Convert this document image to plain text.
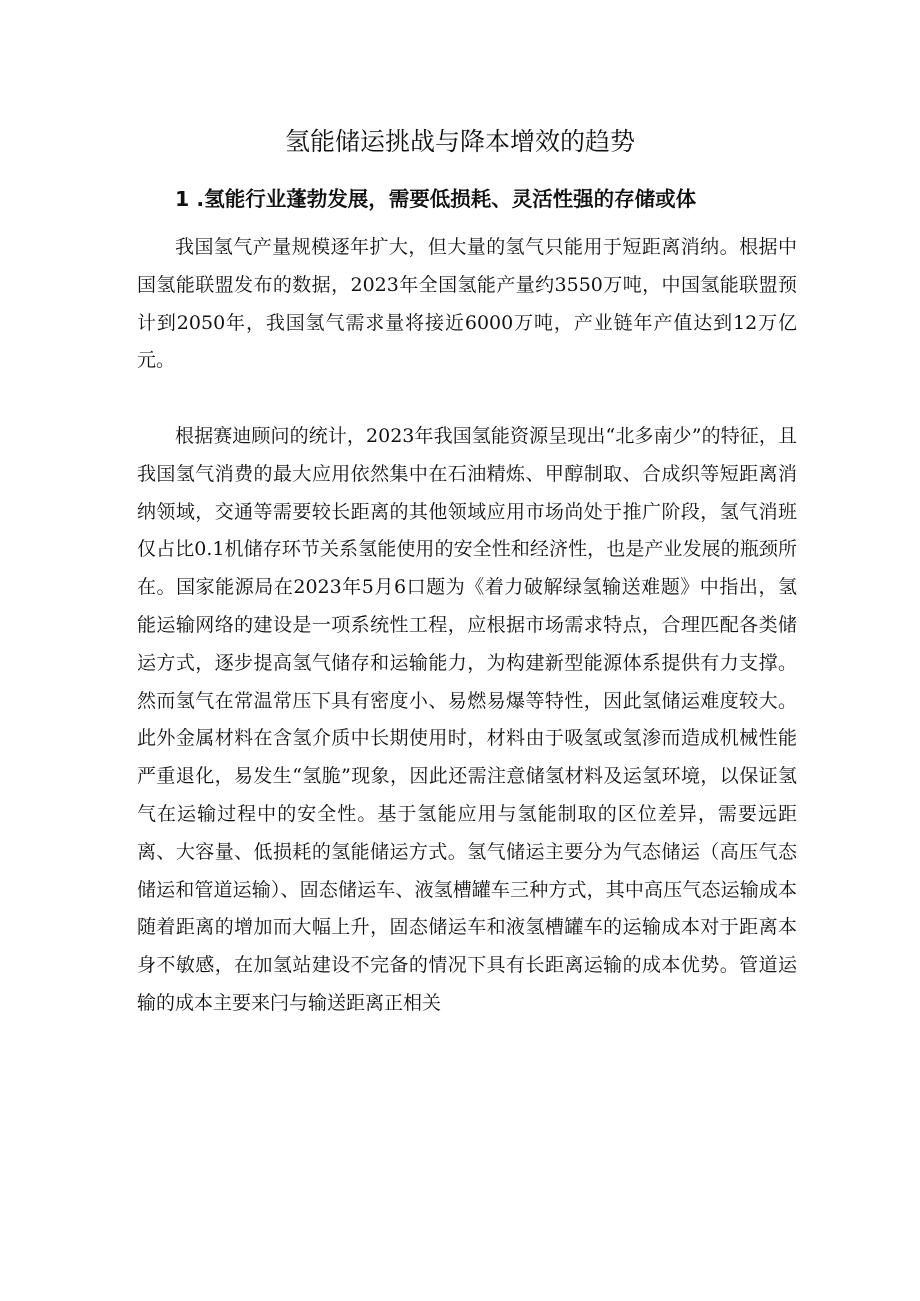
氢能储运挑战与降本增效的趋势
1 .氢能行业蓬勃发展，需要低损耗、灵活性强的存储或体

我国氢气产量规模逐年扩大，但大量的氢气只能用于短距离消纳。根据中国氢能联盟发布的数据，2023年全国氢能产量约3550万吨，中国氢能联盟预计到2050年，我国氢气需求量将接近6000万吨，产业链年产值达到12万亿元。

根据赛迪顾问的统计，2023年我国氢能资源呈现出“北多南少”的特征，且我国氢气消费的最大应用依然集中在石油精炼、甲醇制取、合成织等短距离消纳领域，交通等需要较长距离的其他领域应用市场尚处于推广阶段，氢气消班仅占比0.1机储存环节关系氢能使用的安全性和经济性，也是产业发展的瓶颈所在。国家能源局在2023年5月6口题为《着力破解绿氢输送难题》中指出，氢能运输网络的建设是一项系统性工程，应根据市场需求特点，合理匹配各类储运方式，逐步提高氢气储存和运输能力，为构建新型能源体系提供有力支撑。然而氢气在常温常压下具有密度小、易燃易爆等特性，因此氢储运难度较大。此外金属材料在含氢介质中长期使用时，材料由于吸氢或氢渗而造成机械性能严重退化，易发生“氢脆”现象，因此还需注意储氢材料及运氢环境，以保证氢气在运输过程中的安全性。基于氢能应用与氢能制取的区位差异，需要远距离、大容量、低损耗的氢能储运方式。氢气储运主要分为气态储运（高压气态储运和管道运输）、固态储运车、液氢槽罐车三种方式，其中高压气态运输成本随着距离的增加而大幅上升，固态储运车和液氢槽罐车的运输成本对于距离本身不敏感，在加氢站建设不完备的情况下具有长距离运输的成本优势。管道运输的成本主要来闩与输送距离正相关
